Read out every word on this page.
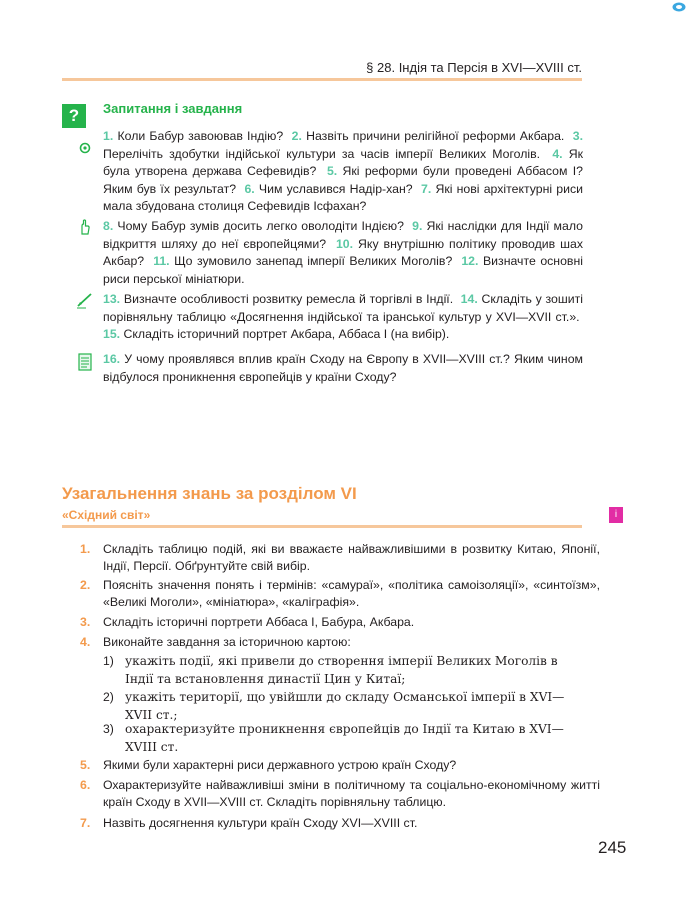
§ 28. Індія та Персія в XVI—XVIII ст.
?	Запитання і завдання
1. Коли Бабур завоював Індію? 2. Назвіть причини релігійної реформи Акбара. 3. Перелічіть здобутки індійської культури за часів імперії Великих Моголів. 4. Як була утворена держава Сефевидів? 5. Які реформи були проведені Аббасом І? Яким був їх результат? 6. Чим уславився Надір-хан? 7. Які нові архітектурні риси мала збудована столиця Сефевидів Ісфахан?
8. Чому Бабур зумів досить легко оволодіти Індією? 9. Які наслідки для Індії мало відкриття шляху до неї європейцями? 10. Яку внутрішню політику проводив шах Акбар? 11. Що зумовило занепад імперії Великих Моголів? 12. Визначте основні риси перської мініатюри.
13. Визначте особливості розвитку ремесла й торгівлі в Індії. 14. Складіть у зошиті порівняльну таблицю «Досягнення індійської та іранської культур у XVI—XVII ст.».  15. Складіть історичний портрет Акбара, Аббаса І (на вибір).
16. У чому проявлявся вплив країн Сходу на Європу в XVII—XVIII ст.? Яким чином відбулося проникнення європейців у країни Сходу?
Узагальнення знань за розділом VI
«Східний світ»	і
1.	Складіть таблицю подій, які ви вважаєте найважливішими в розвитку Китаю, Японії, Індії, Персії. Обґрунтуйте свій вибір.
2.	Поясніть значення понять і термінів: «самураї», «політика самоізоляції», «синтоїзм», «Великі Моголи», «мініатюра», «каліграфія».
3.	Складіть історичні портрети Аббаса І, Бабура, Акбара.
4.	Виконайте завдання за історичною картою:
1) укажіть події, які привели до створення імперії Великих Моголів в Індії та встановлення династії Цин у Китаї;
2) укажіть території, що увійшли до складу Османської імперії в XVI—XVII ст.;
3) охарактеризуйте проникнення європейців до Індії та Китаю в XVI—XVIII ст.
5.	Якими були характерні риси державного устрою країн Сходу?
6.	Охарактеризуйте найважливіші зміни в політичному та соціально-економічному житті країн Сходу в XVII—XVIII ст. Складіть порівняльну таблицю.
7.	Назвіть досягнення культури країн Сходу XVI—XVIII ст.
245
